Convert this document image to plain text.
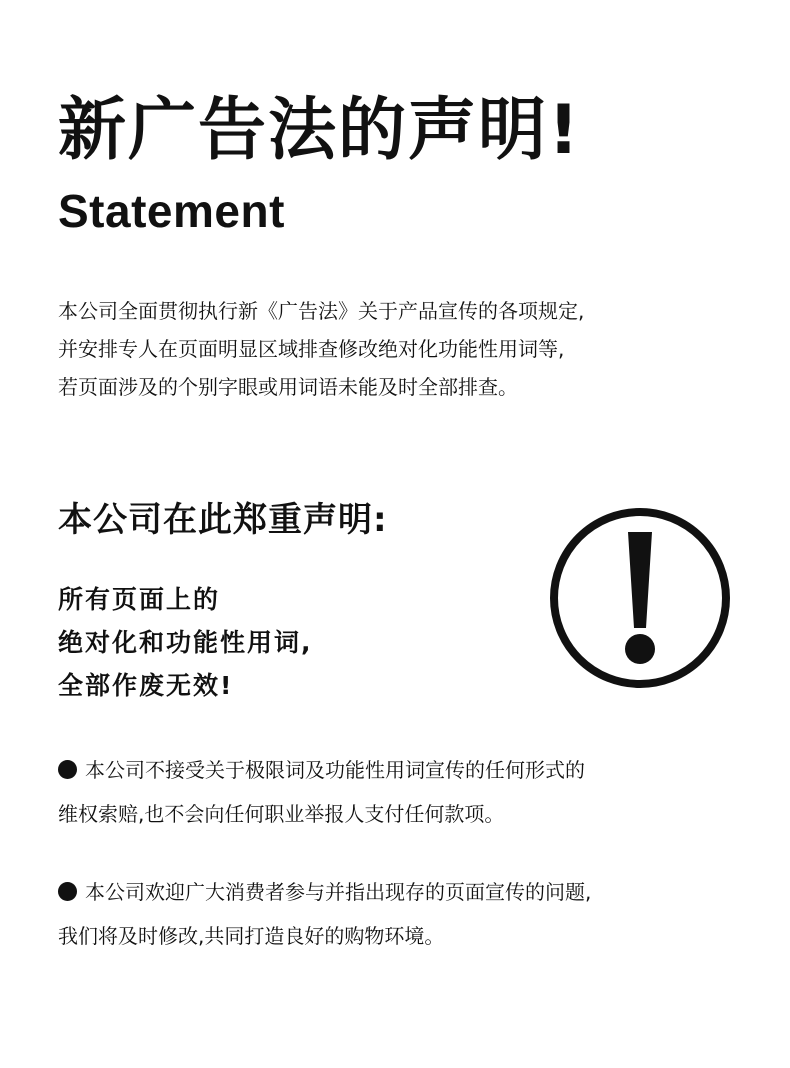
新广告法的声明!
Statement
本公司全面贯彻执行新《广告法》关于产品宣传的各项规定,
并安排专人在页面明显区域排查修改绝对化功能性用词等,
若页面涉及的个别字眼或用词语未能及时全部排查。
本公司在此郑重声明:
所有页面上的
绝对化和功能性用词,
全部作废无效!
本公司不接受关于极限词及功能性用词宣传的任何形式的
维权索赔,也不会向任何职业举报人支付任何款项。
本公司欢迎广大消费者参与并指出现存的页面宣传的问题,
我们将及时修改,共同打造良好的购物环境。
